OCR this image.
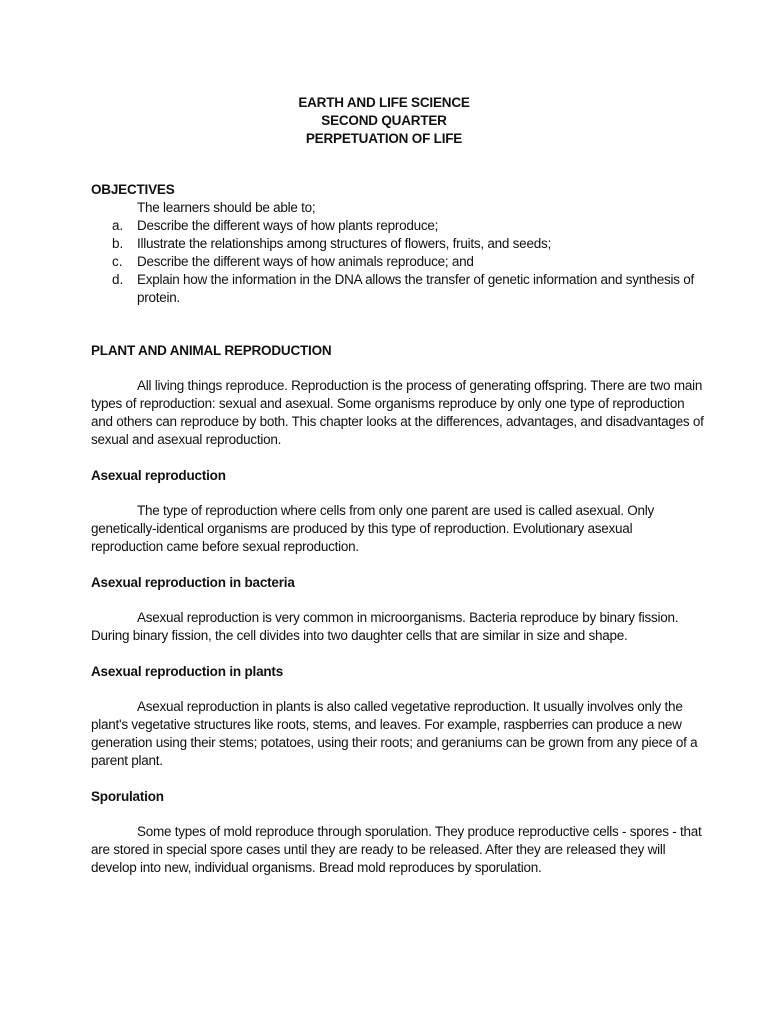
EARTH AND LIFE SCIENCE
SECOND QUARTER
PERPETUATION OF LIFE
OBJECTIVES
The learners should be able to;
a. Describe the different ways of how plants reproduce;
b. Illustrate the relationships among structures of flowers, fruits, and seeds;
c. Describe the different ways of how animals reproduce; and
d. Explain how the information in the DNA allows the transfer of genetic information and synthesis of
protein.
PLANT AND ANIMAL REPRODUCTION
All living things reproduce. Reproduction is the process of generating offspring. There are two main
types of reproduction: sexual and asexual. Some organisms reproduce by only one type of reproduction
and others can reproduce by both. This chapter looks at the differences, advantages, and disadvantages of
sexual and asexual reproduction.
Asexual reproduction
The type of reproduction where cells from only one parent are used is called asexual. Only
genetically-identical organisms are produced by this type of reproduction. Evolutionary asexual
reproduction came before sexual reproduction.
Asexual reproduction in bacteria
Asexual reproduction is very common in microorganisms. Bacteria reproduce by binary fission.
During binary fission, the cell divides into two daughter cells that are similar in size and shape.
Asexual reproduction in plants
Asexual reproduction in plants is also called vegetative reproduction. It usually involves only the
plant's vegetative structures like roots, stems, and leaves. For example, raspberries can produce a new
generation using their stems; potatoes, using their roots; and geraniums can be grown from any piece of a
parent plant.
Sporulation
Some types of mold reproduce through sporulation. They produce reproductive cells - spores - that
are stored in special spore cases until they are ready to be released. After they are released they will
develop into new, individual organisms. Bread mold reproduces by sporulation.
